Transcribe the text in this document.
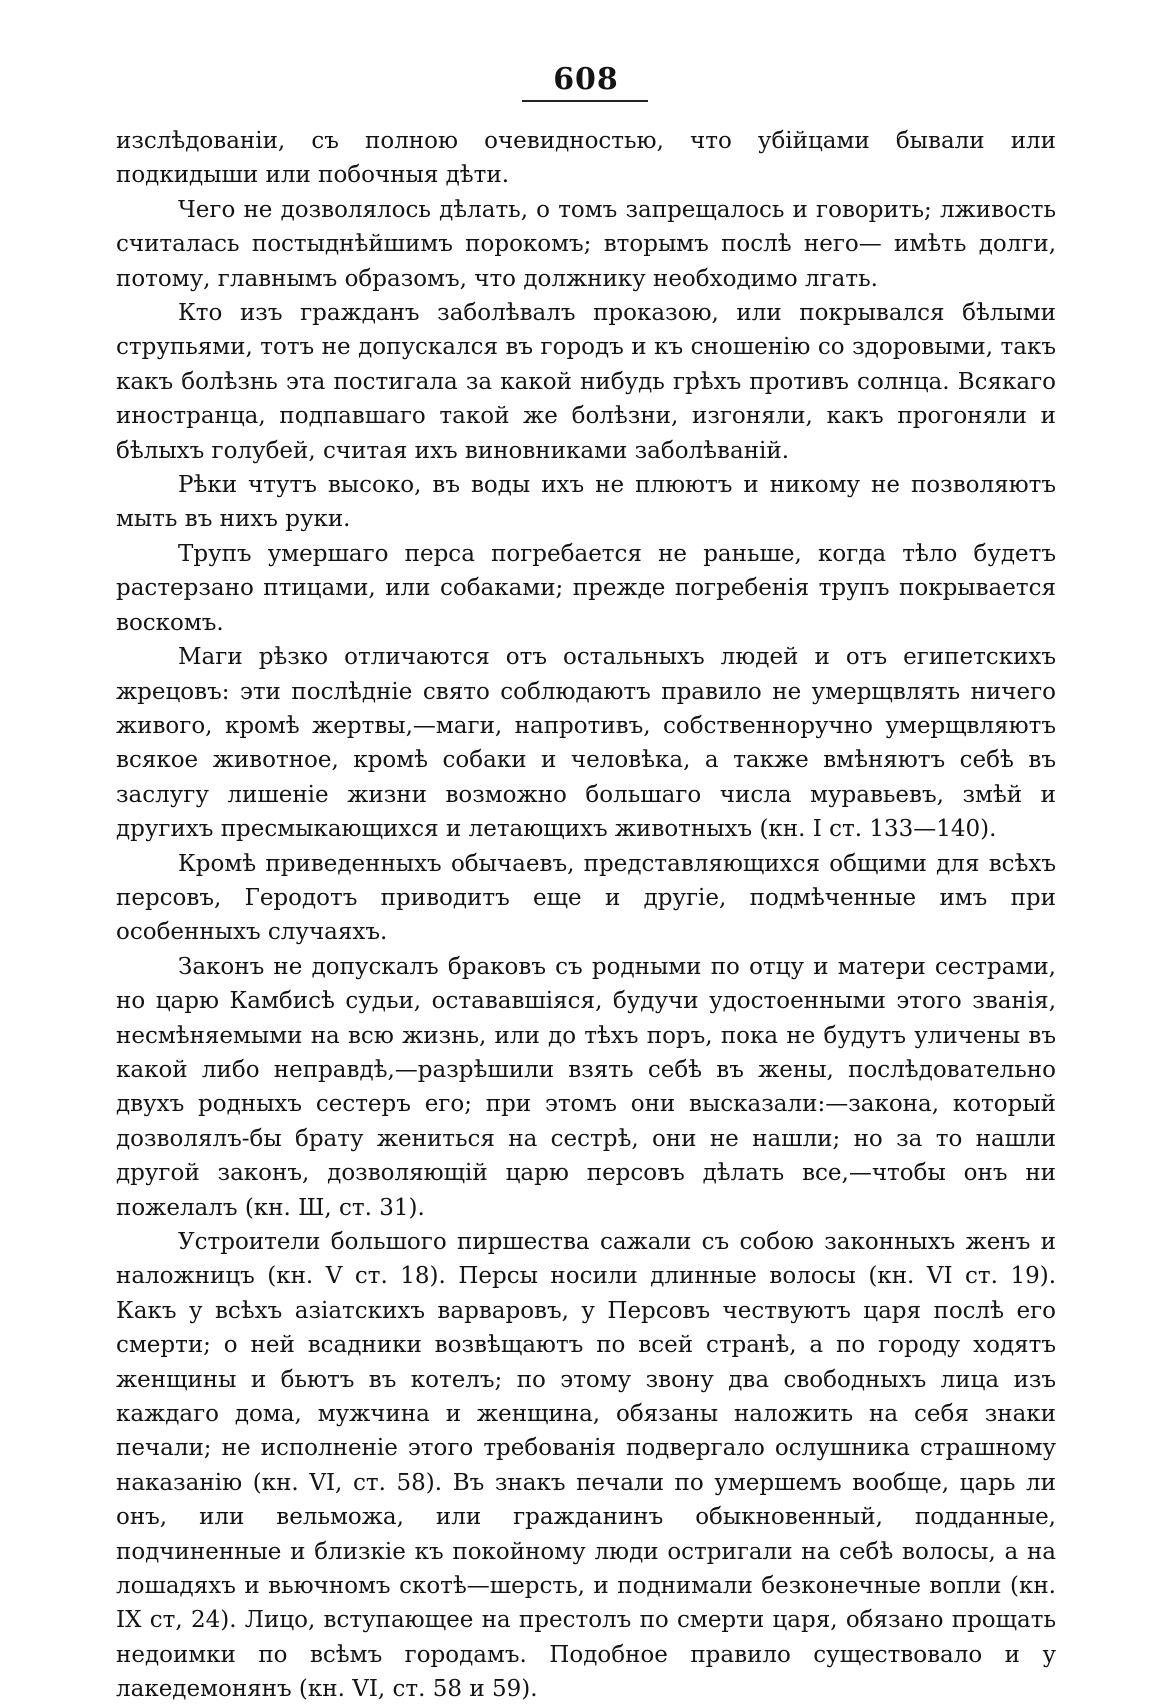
608

изслѣдованіи, съ полною очевидностью, что убійцами бывали или подкидыши или побочныя дѣти.

Чего не дозволялось дѣлать, о томъ запрещалось и говорить; лживость считалась постыднѣйшимъ порокомъ; вторымъ послѣ него— имѣть долги, потому, главнымъ образомъ, что должнику необходимо лгать.

Кто изъ гражданъ заболѣвалъ проказою, или покрывался бѣлыми струпьями, тотъ не допускался въ городъ и къ сношенію со здоровыми, такъ какъ болѣзнь эта постигала за какой нибудь грѣхъ противъ солнца. Всякаго иностранца, подпавшаго такой же болѣзни, изгоняли, какъ прогоняли и бѣлыхъ голубей, считая ихъ виновниками заболѣваній.

Рѣки чтутъ высоко, въ воды ихъ не плюютъ и никому не позволяютъ мыть въ нихъ руки.

Трупъ умершаго перса погребается не раньше, когда тѣло будетъ растерзано птицами, или собаками; прежде погребенія трупъ покрывается воскомъ.

Маги рѣзко отличаются отъ остальныхъ людей и отъ египетскихъ жрецовъ: эти послѣдніе свято соблюдаютъ правило не умерщвлять ничего живого, кромѣ жертвы,—маги, напротивъ, собственноручно умерщвляютъ всякое животное, кромѣ собаки и человѣка, а также вмѣняютъ себѣ въ заслугу лишеніе жизни возможно большаго числа муравьевъ, змѣй и другихъ пресмыкающихся и летающихъ животныхъ (кн. I ст. 133—140).

Кромѣ приведенныхъ обычаевъ, представляющихся общими для всѣхъ персовъ, Геродотъ приводитъ еще и другіе, подмѣченные имъ при особенныхъ случаяхъ.

Законъ не допускалъ браковъ съ родными по отцу и матери сестрами, но царю Камбисѣ судьи, остававшіяся, будучи удостоенными этого званія, несмѣняемыми на всю жизнь, или до тѣхъ поръ, пока не будутъ уличены въ какой либо неправдѣ,—разрѣшили взять себѣ въ жены, послѣдовательно двухъ родныхъ сестеръ его; при этомъ они высказали:—закона, который дозволялъ-бы брату жениться на сестрѣ, они не нашли; но за то нашли другой законъ, дозволяющій царю персовъ дѣлать все,—чтобы онъ ни пожелалъ (кн. Ш, ст. 31).

Устроители большого пиршества сажали съ собою законныхъ женъ и наложницъ (кн. V ст. 18). Персы носили длинные волосы (кн. VI ст. 19). Какъ у всѣхъ азіатскихъ варваровъ, у Персовъ чествуютъ царя послѣ его смерти; о ней всадники возвѣщаютъ по всей странѣ, а по городу ходятъ женщины и бьютъ въ котелъ; по этому звону два свободныхъ лица изъ каждаго дома, мужчина и женщина, обязаны наложить на себя знаки печали; не исполненіе этого требованія подвергало ослушника страшному наказанію (кн. VI, ст. 58). Въ знакъ печали по умершемъ вообще, царь ли онъ, или вельможа, или гражданинъ обыкновенный, подданные, подчиненные и близкіе къ покойному люди остригали на себѣ волосы, а на лошадяхъ и вьючномъ скотѣ—шерсть, и поднимали безконечные вопли (кн. IX ст, 24). Лицо, вступающее на престолъ по смерти царя, обязано прощать недоимки по всѣмъ городамъ. Подобное правило существовало и у лакедемонянъ (кн. VI, ст. 58 и 59).
